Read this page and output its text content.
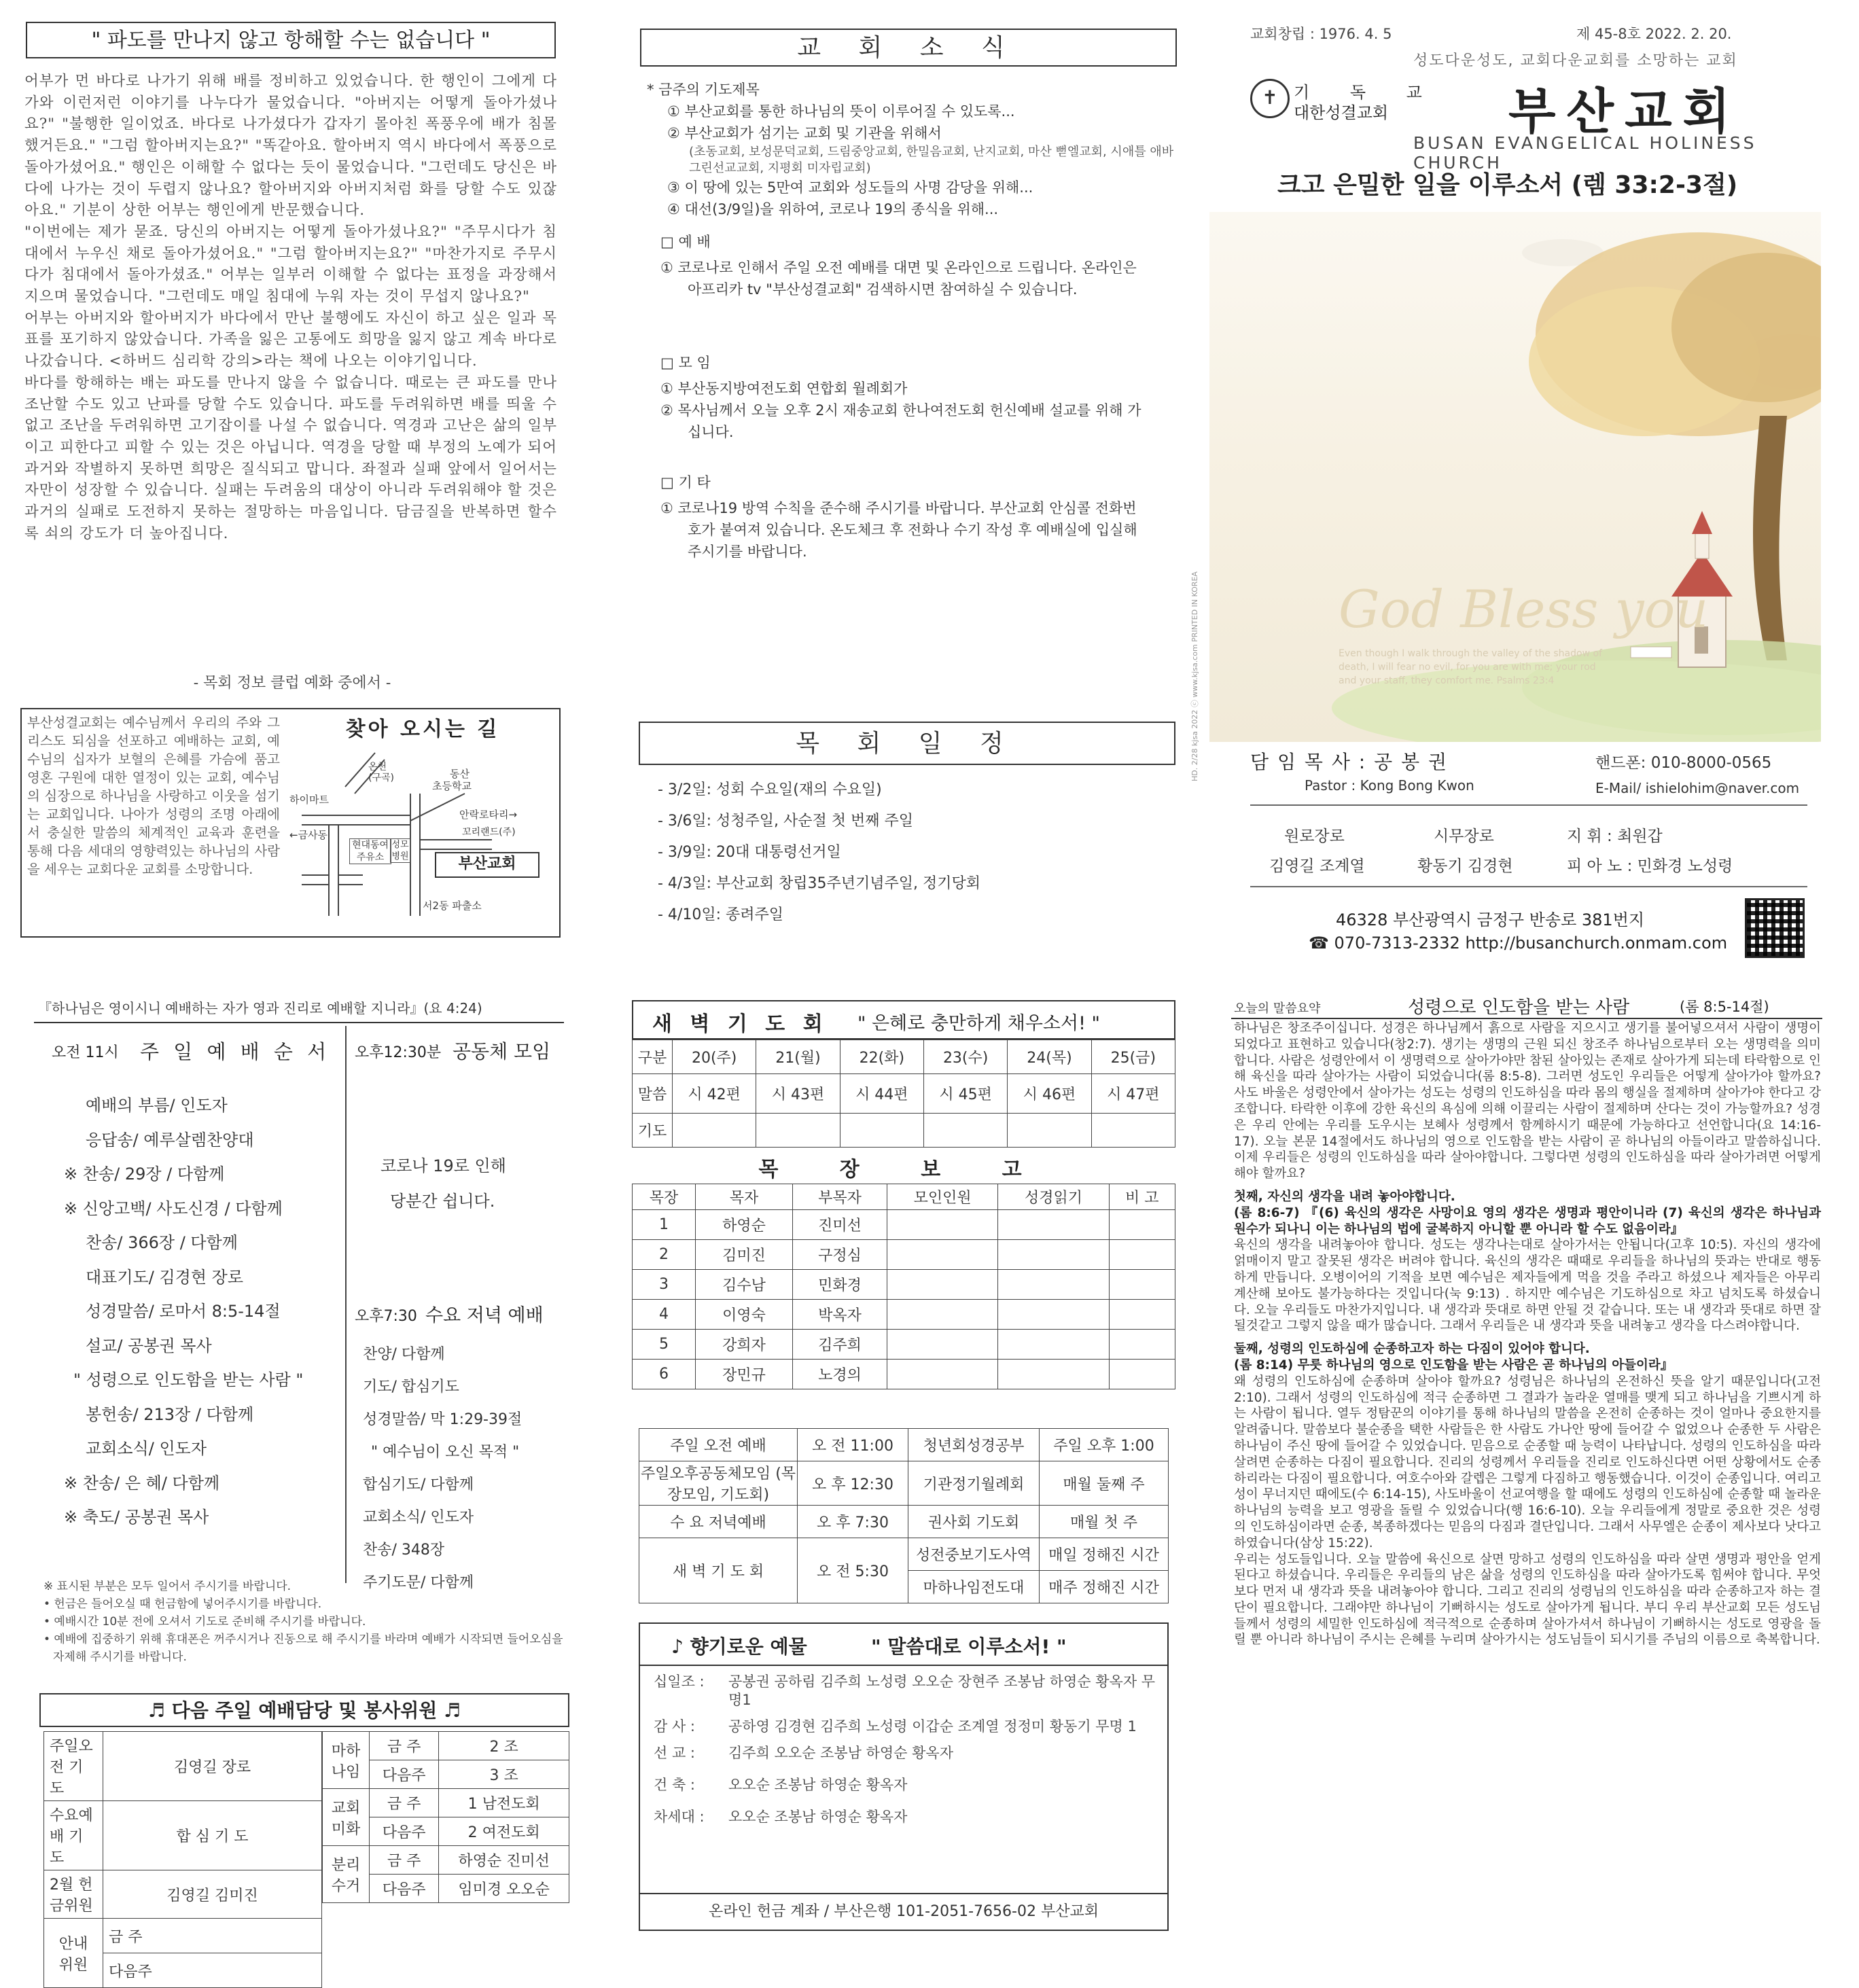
" 파도를 만나지 않고 항해할 수는 없습니다 "

어부가 먼 바다로 나가기 위해 배를 정비하고 있었습니다. 한 행인이 그에게 다가와 이런저런 이야기를 나누다가 물었습니다. "아버지는 어떻게 돌아가셨나요?" "불행한 일이었죠. 바다로 나가셨다가 갑자기 몰아친 폭풍우에 배가 침몰했거든요." "그럼 할아버지는요?" "똑같아요. 할아버지 역시 바다에서 폭풍으로 돌아가셨어요." 행인은 이해할 수 없다는 듯이 물었습니다. "그런데도 당신은 바다에 나가는 것이 두렵지 않나요? 할아버지와 아버지처럼 화를 당할 수도 있잖아요." 기분이 상한 어부는 행인에게 반문했습니다.

"이번에는 제가 묻죠. 당신의 아버지는 어떻게 돌아가셨나요?" "주무시다가 침대에서 누우신 채로 돌아가셨어요." "그럼 할아버지는요?" "마찬가지로 주무시다가 침대에서 돌아가셨죠." 어부는 일부러 이해할 수 없다는 표정을 과장해서 지으며 물었습니다. "그런데도 매일 침대에 누워 자는 것이 무섭지 않나요?"

어부는 아버지와 할아버지가 바다에서 만난 불행에도 자신이 하고 싶은 일과 목표를 포기하지 않았습니다. 가족을 잃은 고통에도 희망을 잃지 않고 계속 바다로 나갔습니다. <하버드 심리학 강의>라는 책에 나오는 이야기입니다.

바다를 항해하는 배는 파도를 만나지 않을 수 없습니다. 때로는 큰 파도를 만나 조난할 수도 있고 난파를 당할 수도 있습니다. 파도를 두려워하면 배를 띄울 수 없고 조난을 두려워하면 고기잡이를 나설 수 없습니다. 역경과 고난은 삶의 일부이고 피한다고 피할 수 있는 것은 아닙니다. 역경을 당할 때 부정의 노예가 되어 과거와 작별하지 못하면 희망은 질식되고 맙니다. 좌절과 실패 앞에서 일어서는 자만이 성장할 수 있습니다. 실패는 두려움의 대상이 아니라 두려워해야 할 것은 과거의 실패로 도전하지 못하는 절망하는 마음입니다. 담금질을 반복하면 할수록 쇠의 강도가 더 높아집니다.

- 목회 정보 클럽 예화 중에서 -
부산성결교회는 예수님께서 우리의 주와 그리스도 되심을 선포하고 예배하는 교회, 예수님의 십자가 보혈의 은혜를 가슴에 품고 영혼 구원에 대한 열정이 있는 교회, 예수님의 심장으로 하나님을 사랑하고 이웃을 섬기는 교회입니다. 나아가 성령의 조명 아래에서 충실한 말씀의 체계적인 교육과 훈련을 통해 다음 세대의 영향력있는 하나님의 사람을 세우는 교회다운 교회를 소망합니다.
찾아 오시는 길
하이마트
←금사동
동산
초등학교
온천
(구곡)
안락로타리→
현대동여 주유소
성모 병원
꼬리랜드(주)
부산교회
서2동 파출소
교 회 소 식
* 금주의 기도제목
① 부산교회를 통한 하나님의 뜻이 이루어질 수 있도록...
② 부산교회가 섬기는 교회 및 기관을 위해서
(초동교회, 보성문덕교회, 드림중앙교회, 한밀음교회, 난지교회, 마산 뻗엘교회, 시애틀 애바그린선교교회, 지평회 미자립교회)
③ 이 땅에 있는 5만여 교회와 성도들의 사명 감당을 위해...
④ 대선(3/9일)을 위하여, 코로나 19의 종식을 위해...
□ 예 배
① 코로나로 인해서 주일 오전 예배를 대면 및 온라인으로 드립니다. 온라인은 아프리카 tv "부산성결교회" 검색하시면 참여하실 수 있습니다.
□ 모 임
① 부산동지방여전도회 연합회 월례회가
② 목사님께서 오늘 오후 2시 재송교회 한나여전도회 헌신예배 설교를 위해 가십니다.
□ 기 타
① 코로나19 방역 수칙을 준수해 주시기를 바랍니다. 부산교회 안심콜 전화번호가 붙여져 있습니다. 온도체크 후 전화나 수기 작성 후 예배실에 입실해 주시기를 바랍니다.
목 회 일 정
- 3/2일: 성회 수요일(재의 수요일)
- 3/6일: 성청주일, 사순절 첫 번째 주일
- 3/9일: 20대 대통령선거일
- 4/3일: 부산교회 창립35주년기념주일, 정기당회
- 4/10일: 종려주일
교회창립 : 1976. 4. 5	제 45-8호 2022. 2. 20.
성도다운성도, 교회다운교회를 소망하는 교회
✝ 기 독 교
대한성결교회 부산교회
BUSAN EVANGELICAL HOLINESS CHURCH
크고 은밀한 일을 이루소서 (렘 33:2-3절)
God Bless you
Even though I walk through the valley of the shadow of death, I will fear no evil, for you are with me; your rod and your staff, they comfort me. Psalms 23:4
HD. 2/28 kjsa 2022 ⓒ www.kjsa.com PRINTED IN KOREA	담 임 목 사 : 공 봉 권	핸드폰: 010-8000-0565
Pastor : Kong Bong Kwon	E-Mail/ ishielohim@naver.com
원로장로
김영길 조계열
시무장로
황동기 김경현
지 휘 : 최원갑
피 아 노 : 민화경 노성령
46328 부산광역시 금정구 반송로 381번지
☎ 070-7313-2332 http://busanchurch.onmam.com
『하나님은 영이시니 예배하는 자가 영과 진리로 예배할 지니라』(요 4:24)
오전 11시 주 일 예 배 순 서
예배의 부름/ 인도자
응답송/ 예루살렘찬양대
※ 찬송/ 29장 / 다함께
※ 신앙고백/ 사도신경 / 다함께
찬송/ 366장 / 다함께
대표기도/ 김경현 장로
성경말씀/ 로마서 8:5-14절
설교/ 공봉권 목사
" 성령으로 인도함을 받는 사람 "
봉헌송/ 213장 / 다함께
교회소식/ 인도자
※ 찬송/ 은 혜/ 다함께
※ 축도/ 공봉권 목사
오후12:30분 공동체 모임
코로나 19로 인해
당분간 쉽니다.
오후7:30 수요 저녁 예배
찬양/ 다함께
기도/ 합심기도
성경말씀/ 막 1:29-39절
" 예수님이 오신 목적 "
합심기도/ 다함께
교회소식/ 인도자
찬송/ 348장
주기도문/ 다함께
※ 표시된 부분은 모두 일어서 주시기를 바랍니다.
• 헌금은 들어오실 때 헌금함에 넣어주시기를 바랍니다.
• 예배시간 10분 전에 오셔서 기도로 준비해 주시기를 바랍니다.
• 예배에 집중하기 위해 휴대폰은 꺼주시거나 진동으로 해 주시기를 바라며 예배가 시작되면 들어오심을 자제해 주시기를 바랍니다.
♬ 다음 주일 예배담당 및 봉사위원 ♬
주일오전 기도	김영길 장로
수요예배 기도	합 심 기 도
2월 헌금위원	김영길 김미진
안내 위원	금 주
	다음주
마하 나임	금 주	2 조
	다음주	3 조
교회 미화	금 주	1 남전도회
	다음주	2 여전도회
분리 수거	금 주	하영순 진미선
	다음주	임미경 오오순
새 벽 기 도 회 " 은혜로 충만하게 채우소서! "
구분	20(주)	21(월)	22(화)	23(수)	24(목)	25(금)
말씀	시 42편	시 43편	시 44편	시 45편	시 46편	시 47편
기도						
목 장 보 고
목장	목자	부목자	모인인원	성경읽기	비 고
1	하영순	진미선			
2	김미진	구정심			
3	김수남	민화경			
4	이영숙	박옥자			
5	강희자	김주희			
6	장민규	노경의			
주일 오전 예배	오 전 11:00	청년회성경공부	주일 오후 1:00
주일오후공동체모임 (목장모임, 기도회)	오 후 12:30	기관정기월례회	매월 둘째 주
수 요 저녁예배	오 후 7:30	권사회 기도회	매월 첫 주
새 벽 기 도 회	오 전 5:30	성전중보기도사역	매일 정해진 시간
		마하나임전도대	매주 정해진 시간
♪ 향기로운 예물	" 말씀대로 이루소서! "
십일조 :	공봉권 공하림 김주희 노성령 오오순 장현주 조봉남 하영순 황옥자 무명1
감 사 :	공하영 김경현 김주희 노성령 이갑순 조계열 정정미 황동기 무명 1
선 교 :	김주희 오오순 조봉남 하영순 황옥자
건 축 :	오오순 조봉남 하영순 황옥자
차세대 :	오오순 조봉남 하영순 황옥자
온라인 헌금 계좌 / 부산은행 101-2051-7656-02 부산교회
오늘의 말씀요약	성령으로 인도함을 받는 사람	(롬 8:5-14절)

하나님은 창조주이십니다. 성경은 하나님께서 흙으로 사람을 지으시고 생기를 불어넣으셔서 사람이 생명이 되었다고 표현하고 있습니다(창2:7). 생기는 생명의 근원 되신 창조주 하나님으로부터 오는 생명력을 의미합니다. 사람은 성령안에서 이 생명력으로 살아가야만 참된 살아있는 존재로 살아가게 되는데 타락함으로 인해 육신을 따라 살아가는 사람이 되었습니다(롬 8:5-8). 그러면 성도인 우리들은 어떻게 살아가야 할까요? 사도 바울은 성령안에서 살아가는 성도는 성령의 인도하심을 따라 몸의 행실을 절제하며 살아가야 한다고 강조합니다. 타락한 이후에 강한 육신의 욕심에 의해 이끌리는 사람이 절제하며 산다는 것이 가능할까요? 성경은 우리 안에는 우리를 도우시는 보혜사 성령께서 함께하시기 때문에 가능하다고 선언합니다(요 14:16-17). 오늘 본문 14절에서도 하나님의 영으로 인도함을 받는 사람이 곧 하나님의 아들이라고 말씀하십니다. 이제 우리들은 성령의 인도하심을 따라 살아야합니다. 그렇다면 성령의 인도하심을 따라 살아가려면 어떻게 해야 할까요?

첫째, 자신의 생각을 내려 놓아야합니다.

(롬 8:6-7) 『(6) 육신의 생각은 사망이요 영의 생각은 생명과 평안이니라 (7) 육신의 생각은 하나님과 원수가 되나니 이는 하나님의 법에 굴복하지 아니할 뿐 아니라 할 수도 없음이라』

육신의 생각을 내려놓아야 합니다. 성도는 생각나는대로 살아가서는 안됩니다(고후 10:5). 자신의 생각에 얽매이지 말고 잘못된 생각은 버려야 합니다. 육신의 생각은 때때로 우리들을 하나님의 뜻과는 반대로 행동하게 만듭니다. 오병이어의 기적을 보면 예수님은 제자들에게 먹을 것을 주라고 하셨으나 제자들은 아무리 계산해 보아도 불가능하다는 것입니다(눅 9:13) . 하지만 예수님은 기도하심으로 차고 넘치도록 하셨습니다. 오늘 우리들도 마찬가지입니다. 내 생각과 뜻대로 하면 안될 것 같습니다. 또는 내 생각과 뜻대로 하면 잘 될것같고 그렇지 않을 때가 많습니다. 그래서 우리들은 내 생각과 뜻을 내려놓고 생각을 다스려야합니다.

둘째, 성령의 인도하심에 순종하고자 하는 다짐이 있어야 합니다.

(롬 8:14) 무릇 하나님의 영으로 인도함을 받는 사람은 곧 하나님의 아들이라』

왜 성령의 인도하심에 순종하며 살아야 할까요? 성령님은 하나님의 온전하신 뜻을 알기 때문입니다(고전 2:10). 그래서 성령의 인도하심에 적극 순종하면 그 결과가 놀라운 열매를 맺게 되고 하나님을 기쁘시게 하는 사람이 됩니다. 열두 정탐꾼의 이야기를 통해 하나님의 말씀을 온전히 순종하는 것이 얼마나 중요한지를 알려줍니다. 말씀보다 불순종을 택한 사람들은 한 사람도 가나안 땅에 들어갈 수 없었으나 순종한 두 사람은 하나님이 주신 땅에 들어갈 수 있었습니다. 믿음으로 순종할 때 능력이 나타납니다. 성령의 인도하심을 따라 살려면 순종하는 다짐이 필요합니다. 진리의 성령께서 우리들을 진리로 인도하신다면 어떤 상황에서도 순종하리라는 다짐이 필요합니다. 여호수아와 갈렙은 그렇게 다짐하고 행동했습니다. 이것이 순종입니다. 여리고성이 무너지던 때에도(수 6:14-15), 사도바울이 선교여행을 할 때에도 성령의 인도하심에 순종할 때 놀라운 하나님의 능력을 보고 영광을 돌릴 수 있었습니다(행 16:6-10). 오늘 우리들에게 정말로 중요한 것은 성령의 인도하심이라면 순종, 복종하겠다는 믿음의 다짐과 결단입니다. 그래서 사무엘은 순종이 제사보다 낫다고 하였습니다(삼상 15:22).

우리는 성도들입니다. 오늘 말씀에 육신으로 살면 망하고 성령의 인도하심을 따라 살면 생명과 평안을 얻게 된다고 하셨습니다. 우리들은 우리들의 남은 삶을 성령의 인도하심을 따라 살아가도록 힘써야 합니다. 무엇보다 먼저 내 생각과 뜻을 내려놓아야 합니다. 그리고 진리의 성령님의 인도하심을 따라 순종하고자 하는 결단이 필요합니다. 그래야만 하나님이 기뻐하시는 성도로 살아가게 됩니다. 부디 우리 부산교회 모든 성도님들께서 성령의 세밀한 인도하심에 적극적으로 순종하며 살아가셔서 하나님이 기뻐하시는 성도로 영광을 돌릴 뿐 아니라 하나님이 주시는 은혜를 누리며 살아가시는 성도님들이 되시기를 주님의 이름으로 축복합니다.
